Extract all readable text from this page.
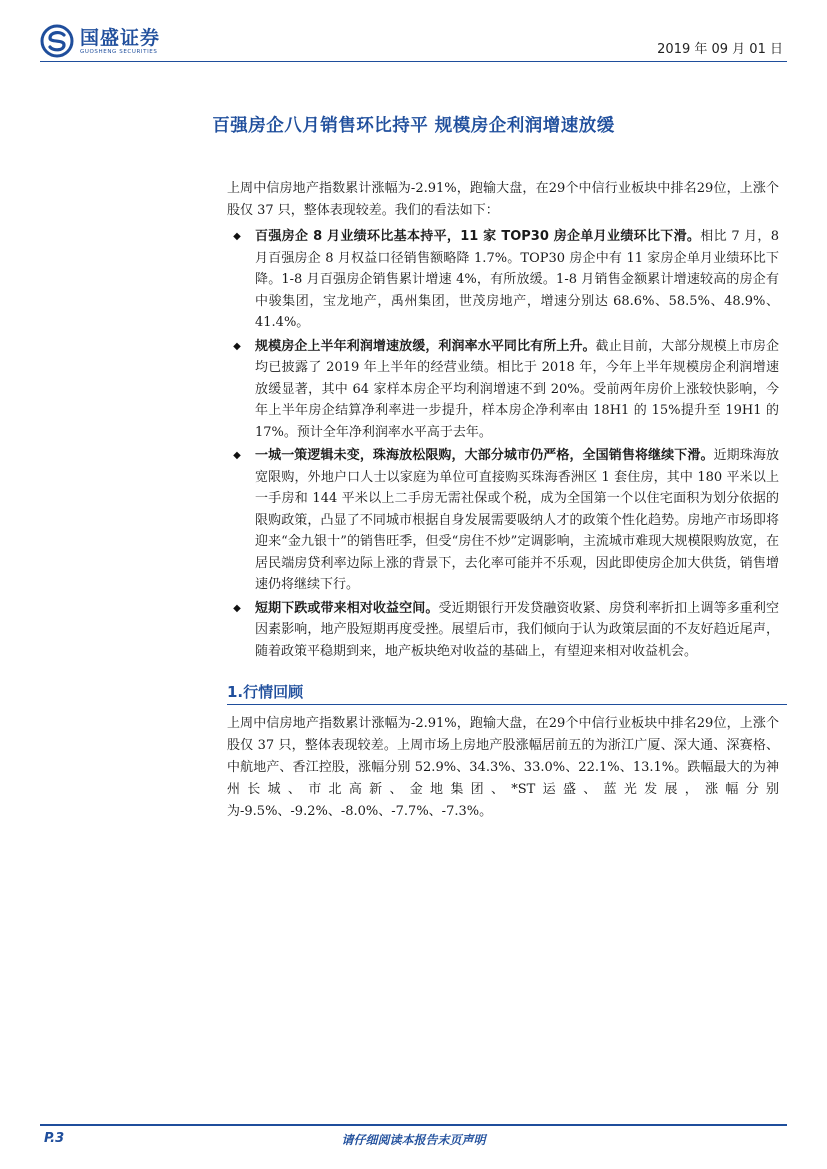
国盛证券
GUOSHENG SECURITIES	2019 年 09 月 01 日
百强房企八月销售环比持平 规模房企利润增速放缓
上周中信房地产指数累计涨幅为-2.91%，跑输大盘，在29个中信行业板块中排名29位，上涨个股仅 37 只，整体表现较差。我们的看法如下：
◆	百强房企 8 月业绩环比基本持平，11 家 TOP30 房企单月业绩环比下滑。相比 7 月，8 月百强房企 8 月权益口径销售额略降 1.7%。TOP30 房企中有 11 家房企单月业绩环比下降。1-8 月百强房企销售累计增速 4%，有所放缓。1-8 月销售金额累计增速较高的房企有中骏集团，宝龙地产，禹州集团，世茂房地产，增速分别达 68.6%、58.5%、48.9%、41.4%。
◆	规模房企上半年利润增速放缓，利润率水平同比有所上升。截止目前，大部分规模上市房企均已披露了 2019 年上半年的经营业绩。相比于 2018 年，今年上半年规模房企利润增速放缓显著，其中 64 家样本房企平均利润增速不到 20%。受前两年房价上涨较快影响，今年上半年房企结算净利率进一步提升，样本房企净利率由 18H1 的 15%提升至 19H1 的 17%。预计全年净利润率水平高于去年。
◆	一城一策逻辑未变，珠海放松限购，大部分城市仍严格，全国销售将继续下滑。近期珠海放宽限购，外地户口人士以家庭为单位可直接购买珠海香洲区 1 套住房，其中 180 平米以上一手房和 144 平米以上二手房无需社保或个税，成为全国第一个以住宅面积为划分依据的限购政策，凸显了不同城市根据自身发展需要吸纳人才的政策个性化趋势。房地产市场即将迎来“金九银十”的销售旺季，但受“房住不炒”定调影响，主流城市难现大规模限购放宽，在居民端房贷利率边际上涨的背景下，去化率可能并不乐观，因此即使房企加大供货，销售增速仍将继续下行。
◆	短期下跌或带来相对收益空间。受近期银行开发贷融资收紧、房贷利率折扣上调等多重利空因素影响，地产股短期再度受挫。展望后市，我们倾向于认为政策层面的不友好趋近尾声，随着政策平稳期到来，地产板块绝对收益的基础上，有望迎来相对收益机会。
1.行情回顾
上周中信房地产指数累计涨幅为-2.91%，跑输大盘，在29个中信行业板块中排名29位，上涨个股仅 37 只，整体表现较差。上周市场上房地产股涨幅居前五的为浙江广厦、深大通、深赛格、中航地产、香江控股，涨幅分别 52.9%、34.3%、33.0%、22.1%、13.1%。跌幅最大的为神州长城、市北高新、金地集团、*ST运盛、蓝光发展，涨幅分别为-9.5%、-9.2%、-8.0%、-7.7%、-7.3%。
P.3	请仔细阅读本报告末页声明
